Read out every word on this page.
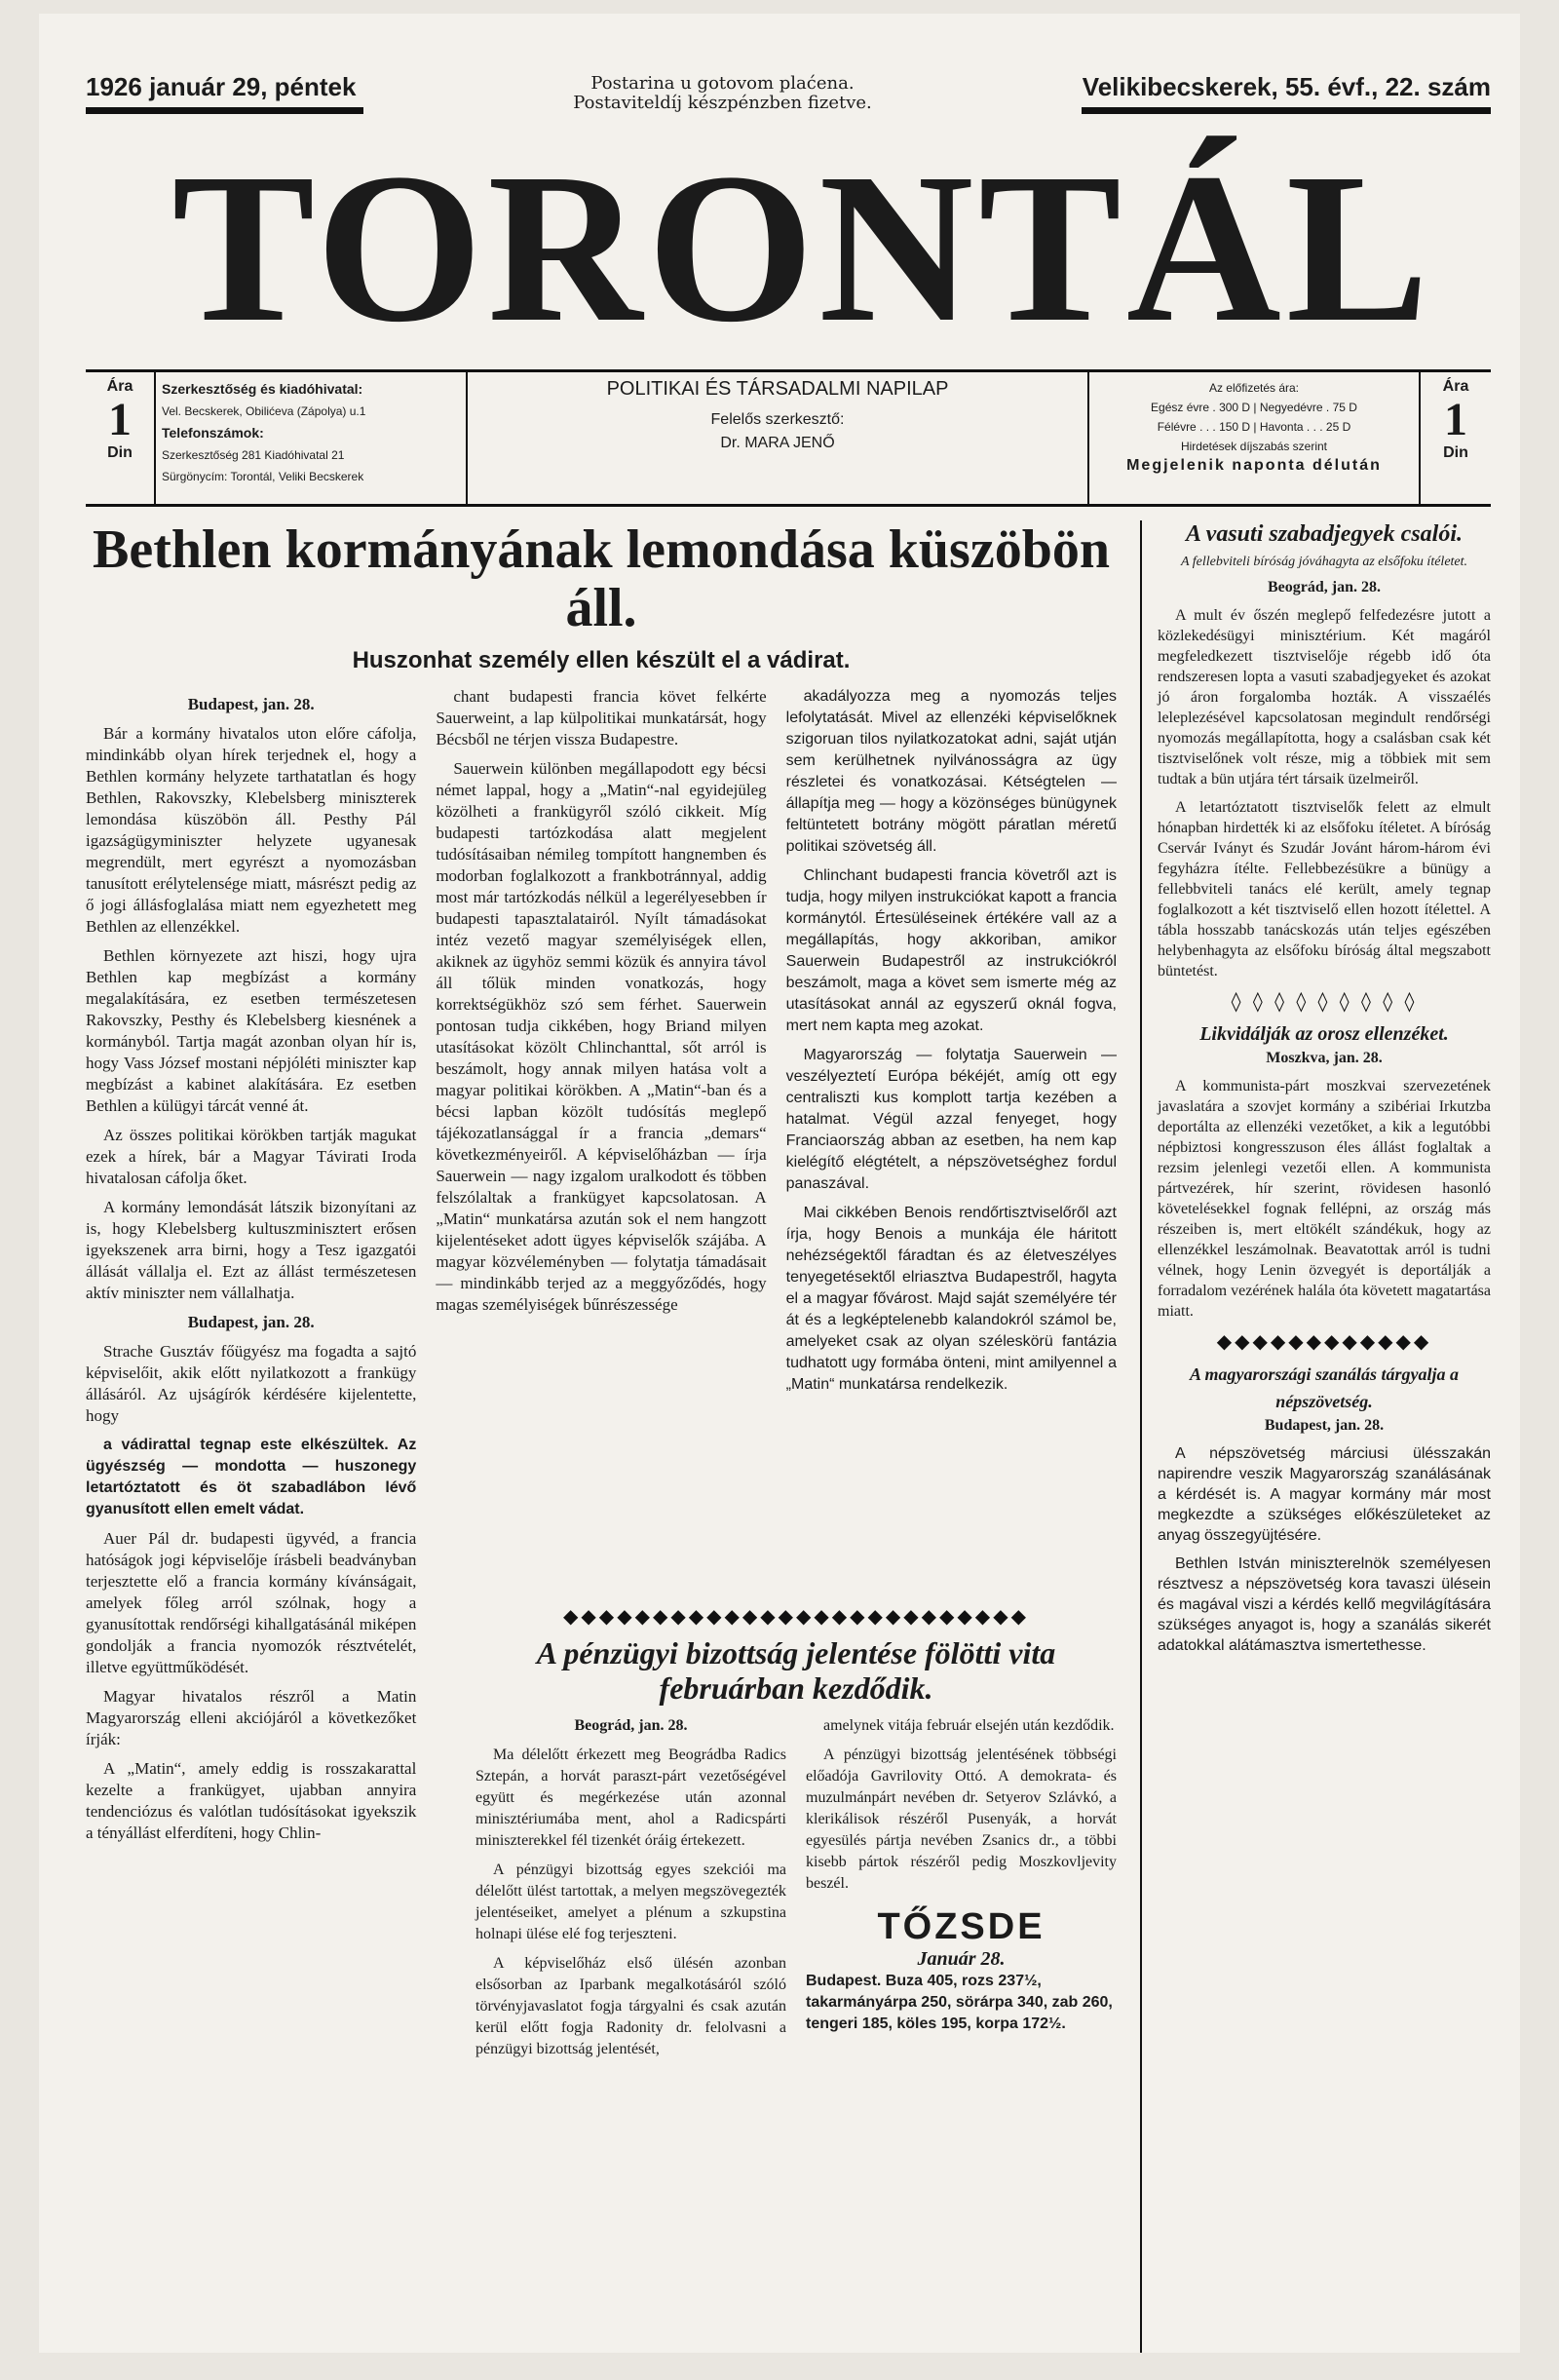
1926 január 29, péntek	Postarina u gotovom plaćena.
Postaviteldíj készpénzben fizetve.
Velikibecskerek, 55. évf., 22. szám
TORONTÁL
Ára
1
Din
Szerkesztőség és kiadóhivatal:
Vel. Becskerek, Obilićeva (Zápolya) u.1
Telefonszámok:
Szerkesztőség 281 Kiadóhivatal 21
Sürgönycím: Torontál, Veliki Becskerek
POLITIKAI ÉS TÁRSADALMI NAPILAP
Felelős szerkesztő:
Dr. MARA JENŐ
Az előfizetés ára:
Egész évre . 300 D | Negyedévre . 75 D
Félévre . . . 150 D | Havonta . . . 25 D
Hirdetések díjszabás szerint
Megjelenik naponta délután
Ára
1
Din
Bethlen kormányának lemondása küszöbön áll.
Huszonhat személy ellen készült el a vádirat.

Budapest, jan. 28.

Bár a kormány hivatalos uton előre cáfolja, mindinkább olyan hírek terjednek el, hogy a Bethlen kormány helyzete tarthatatlan és hogy Bethlen, Rakovszky, Klebelsberg miniszterek lemondása küszöbön áll. Pesthy Pál igazságügyminiszter helyzete ugyanesak megrendült, mert egyrészt a nyomozásban tanusított erélytelensége miatt, másrészt pedig az ő jogi állásfoglalása miatt nem egyezhetett meg Bethlen az ellenzékkel.

Bethlen környezete azt hiszi, hogy ujra Bethlen kap megbízást a kormány megalakítására, ez esetben természetesen Rakovszky, Pesthy és Klebelsberg kiesnének a kormányból. Tartja magát azonban olyan hír is, hogy Vass József mostani népjóléti miniszter kap megbízást a kabinet alakítására. Ez esetben Bethlen a külügyi tárcát venné át.

Az összes politikai körökben tartják magukat ezek a hírek, bár a Magyar Távirati Iroda hivatalosan cáfolja őket.

A kormány lemondását látszik bizonyítani az is, hogy Klebelsberg kultuszminisztert erősen igyekszenek arra birni, hogy a Tesz igazgatói állását vállalja el. Ezt az állást természetesen aktív miniszter nem vállalhatja.

Budapest, jan. 28.

Strache Gusztáv főügyész ma fogadta a sajtó képviselőit, akik előtt nyilatkozott a frankügy állásáról. Az ujságírók kérdésére kijelentette, hogy

a vádirattal tegnap este elkészültek. Az ügyészség — mondotta — huszonegy letartóztatott és öt szabadlábon lévő gyanusított ellen emelt vádat.

Auer Pál dr. budapesti ügyvéd, a francia hatóságok jogi képviselője írásbeli beadványban terjesztette elő a francia kormány kívánságait, amelyek főleg arról szólnak, hogy a gyanusítottak rendőrségi kihallgatásánál miképen gondolják a francia nyomozók résztvételét, illetve együttműködését.

Magyar hivatalos részről a Matin Magyarország elleni akciójáról a következőket írják:

A „Matin“, amely eddig is rosszakarattal kezelte a frankügyet, ujabban annyira tendenciózus és valótlan tudósításokat igyekszik a tényállást elferdíteni, hogy Chlin-

chant budapesti francia követ felkérte Sauerweint, a lap külpolitikai munkatársát, hogy Bécsből ne térjen vissza Budapestre.

Sauerwein különben megállapodott egy bécsi német lappal, hogy a „Matin“-nal egyidejüleg közölheti a frankügyről szóló cikkeit. Míg budapesti tartózkodása alatt megjelent tudósításaiban némileg tompított hangnemben és modorban foglalkozott a frankbotránnyal, addig most már tartózkodás nélkül a legerélyesebben ír budapesti tapasztalatairól. Nyílt támadásokat intéz vezető magyar személyiségek ellen, akiknek az ügyhöz semmi közük és annyira távol áll tőlük minden vonatkozás, hogy korrektségükhöz szó sem férhet. Sauerwein pontosan tudja cikkében, hogy Briand milyen utasításokat közölt Chlinchanttal, sőt arról is beszámolt, hogy annak milyen hatása volt a magyar politikai körökben. A „Matin“-ban és a bécsi lapban közölt tudósítás meglepő tájékozatlansággal ír a francia „demars“ következményeiről. A képviselőházban — írja Sauerwein — nagy izgalom uralkodott és többen felszólaltak a frankügyet kapcsolatosan. A „Matin“ munkatársa azután sok el nem hangzott kijelentéseket adott ügyes képviselők szájába. A magyar közvéleményben — folytatja támadásait — mindinkább terjed az a meggyőződés, hogy magas személyiségek bűnrészessége

akadályozza meg a nyomozás teljes lefolytatását. Mivel az ellenzéki képviselőknek szigoruan tilos nyilatkozatokat adni, saját utján sem kerülhetnek nyilvánosságra az ügy részletei és vonatkozásai. Kétségtelen — állapítja meg — hogy a közönséges bünügynek feltüntetett botrány mögött páratlan méretű politikai szövetség áll.

Chlinchant budapesti francia követről azt is tudja, hogy milyen instrukciókat kapott a francia kormánytól. Értesüléseinek értékére vall az a megállapítás, hogy akkoriban, amikor Sauerwein Budapestről az instrukciókról beszámolt, maga a követ sem ismerte még az utasításokat annál az egyszerű oknál fogva, mert nem kapta meg azokat.

Magyarország — folytatja Sauerwein — veszélyeztetí Európa békéjét, amíg ott egy centraliszti kus komplott tartja kezében a hatalmat. Végül azzal fenyeget, hogy Franciaország abban az esetben, ha nem kap kielégítő elégtételt, a népszövetséghez fordul panaszával.

Mai cikkében Benois rendőrtisztviselőről azt írja, hogy Benois a munkája éle háritott nehézségektől fáradtan és az életveszélyes tenyegetésektől elriasztva Budapestről, hagyta el a magyar fővárost. Majd saját személyére tér át és a legképtelenebb kalandokról számol be, amelyeket csak az olyan széleskörü fantázia tudhatott ugy formába önteni, mint amilyennel a „Matin“ munkatársa rendelkezik.

◆◆◆◆◆◆◆◆◆◆◆◆◆◆◆◆◆◆◆◆◆◆◆◆◆◆
A pénzügyi bizottság jelentése fölötti vita februárban kezdődik.

Beográd, jan. 28.

Ma délelőtt érkezett meg Beográdba Radics Sztepán, a horvát paraszt-párt vezetőségével együtt és megérkezése után azonnal minisztériumába ment, ahol a Radicspárti miniszterekkel fél tizenkét óráig értekezett.

A pénzügyi bizottság egyes szekciói ma délelőtt ülést tartottak, a melyen megszövegezték jelentéseiket, amelyet a plénum a szkupstina holnapi ülése elé fog terjeszteni.

A képviselőház első ülésén azonban elsősorban az Iparbank megalkotásáról szóló törvényjavaslatot fogja tárgyalni és csak azután kerül előtt fogja Radonity dr. felolvasni a pénzügyi bizottság jelentését,

amelynek vitája február elsején után kezdődik.

A pénzügyi bizottság jelentésének többségi előadója Gavrilovity Ottó. A demokrata- és muzulmánpárt nevében dr. Setyerov Szlávkó, a klerikálisok részéről Pusenyák, a horvát egyesülés pártja nevében Zsanics dr., a többi kisebb pártok részéről pedig Moszkovljevity beszél.

TŐZSDE
Január 28.

Budapest. Buza 405, rozs 237½, takarmányárpa 250, sörárpa 340, zab 260, tengeri 185, köles 195, korpa 172½.

A vasuti szabadjegyek csalói.
A fellebviteli bíróság jóváhagyta az elsőfoku ítéletet.

Beográd, jan. 28.

A mult év őszén meglepő felfedezésre jutott a közlekedésügyi minisztérium. Két magáról megfeledkezett tisztviselője régebb idő óta rendszeresen lopta a vasuti szabadjegyeket és azokat jó áron forgalomba hozták. A visszaélés leleplezésével kapcsolatosan megindult rendőrségi nyomozás megállapította, hogy a csalásban csak két tisztviselőnek volt része, mig a többiek mit sem tudtak a bün utjára tért társaik üzelmeiről.

A letartóztatott tisztviselők felett az elmult hónapban hirdették ki az elsőfoku ítéletet. A bíróság Cservár Iványt és Szudár Jovánt három-három évi fegyházra ítélte. Fellebbezésükre a bünügy a fellebbviteli tanács elé került, amely tegnap foglalkozott a két tisztviselő ellen hozott ítélettel. A tábla hosszabb tanácskozás után teljes egészében helybenhagyta az elsőfoku bíróság által megszabott büntetést.

◊ ◊ ◊ ◊ ◊ ◊ ◊ ◊ ◊
Likvidálják az orosz ellenzéket.

Moszkva, jan. 28.

A kommunista-párt moszkvai szervezetének javaslatára a szovjet kormány a szibériai Irkutzba deportálta az ellenzéki vezetőket, a kik a legutóbbi népbiztosi kongresszuson éles állást foglaltak a rezsim jelenlegi vezetői ellen. A kommunista pártvezérek, hír szerint, rövidesen hasonló követelésekkel fognak fellépni, az ország más részeiben is, mert eltökélt szándékuk, hogy az ellenzékkel leszámolnak. Beavatottak arról is tudni vélnek, hogy Lenin özvegyét is deportálják a forradalom vezérének halála óta követett magatartása miatt.

◆◆◆◆◆◆◆◆◆◆◆◆
A magyarországi szanálás tárgyalja a népszövetség.

Budapest, jan. 28.

A népszövetség márciusi ülésszakán napirendre veszik Magyarország szanálásának a kérdését is. A magyar kormány már most megkezdte a szükséges előkészületeket az anyag összegyüjtésére.

Bethlen István miniszterelnök személyesen résztvesz a népszövetség kora tavaszi ülésein és magával viszi a kérdés kellő megvilágítására szükséges anyagot is, hogy a szanálás sikerét adatokkal alátámasztva ismertethesse.
